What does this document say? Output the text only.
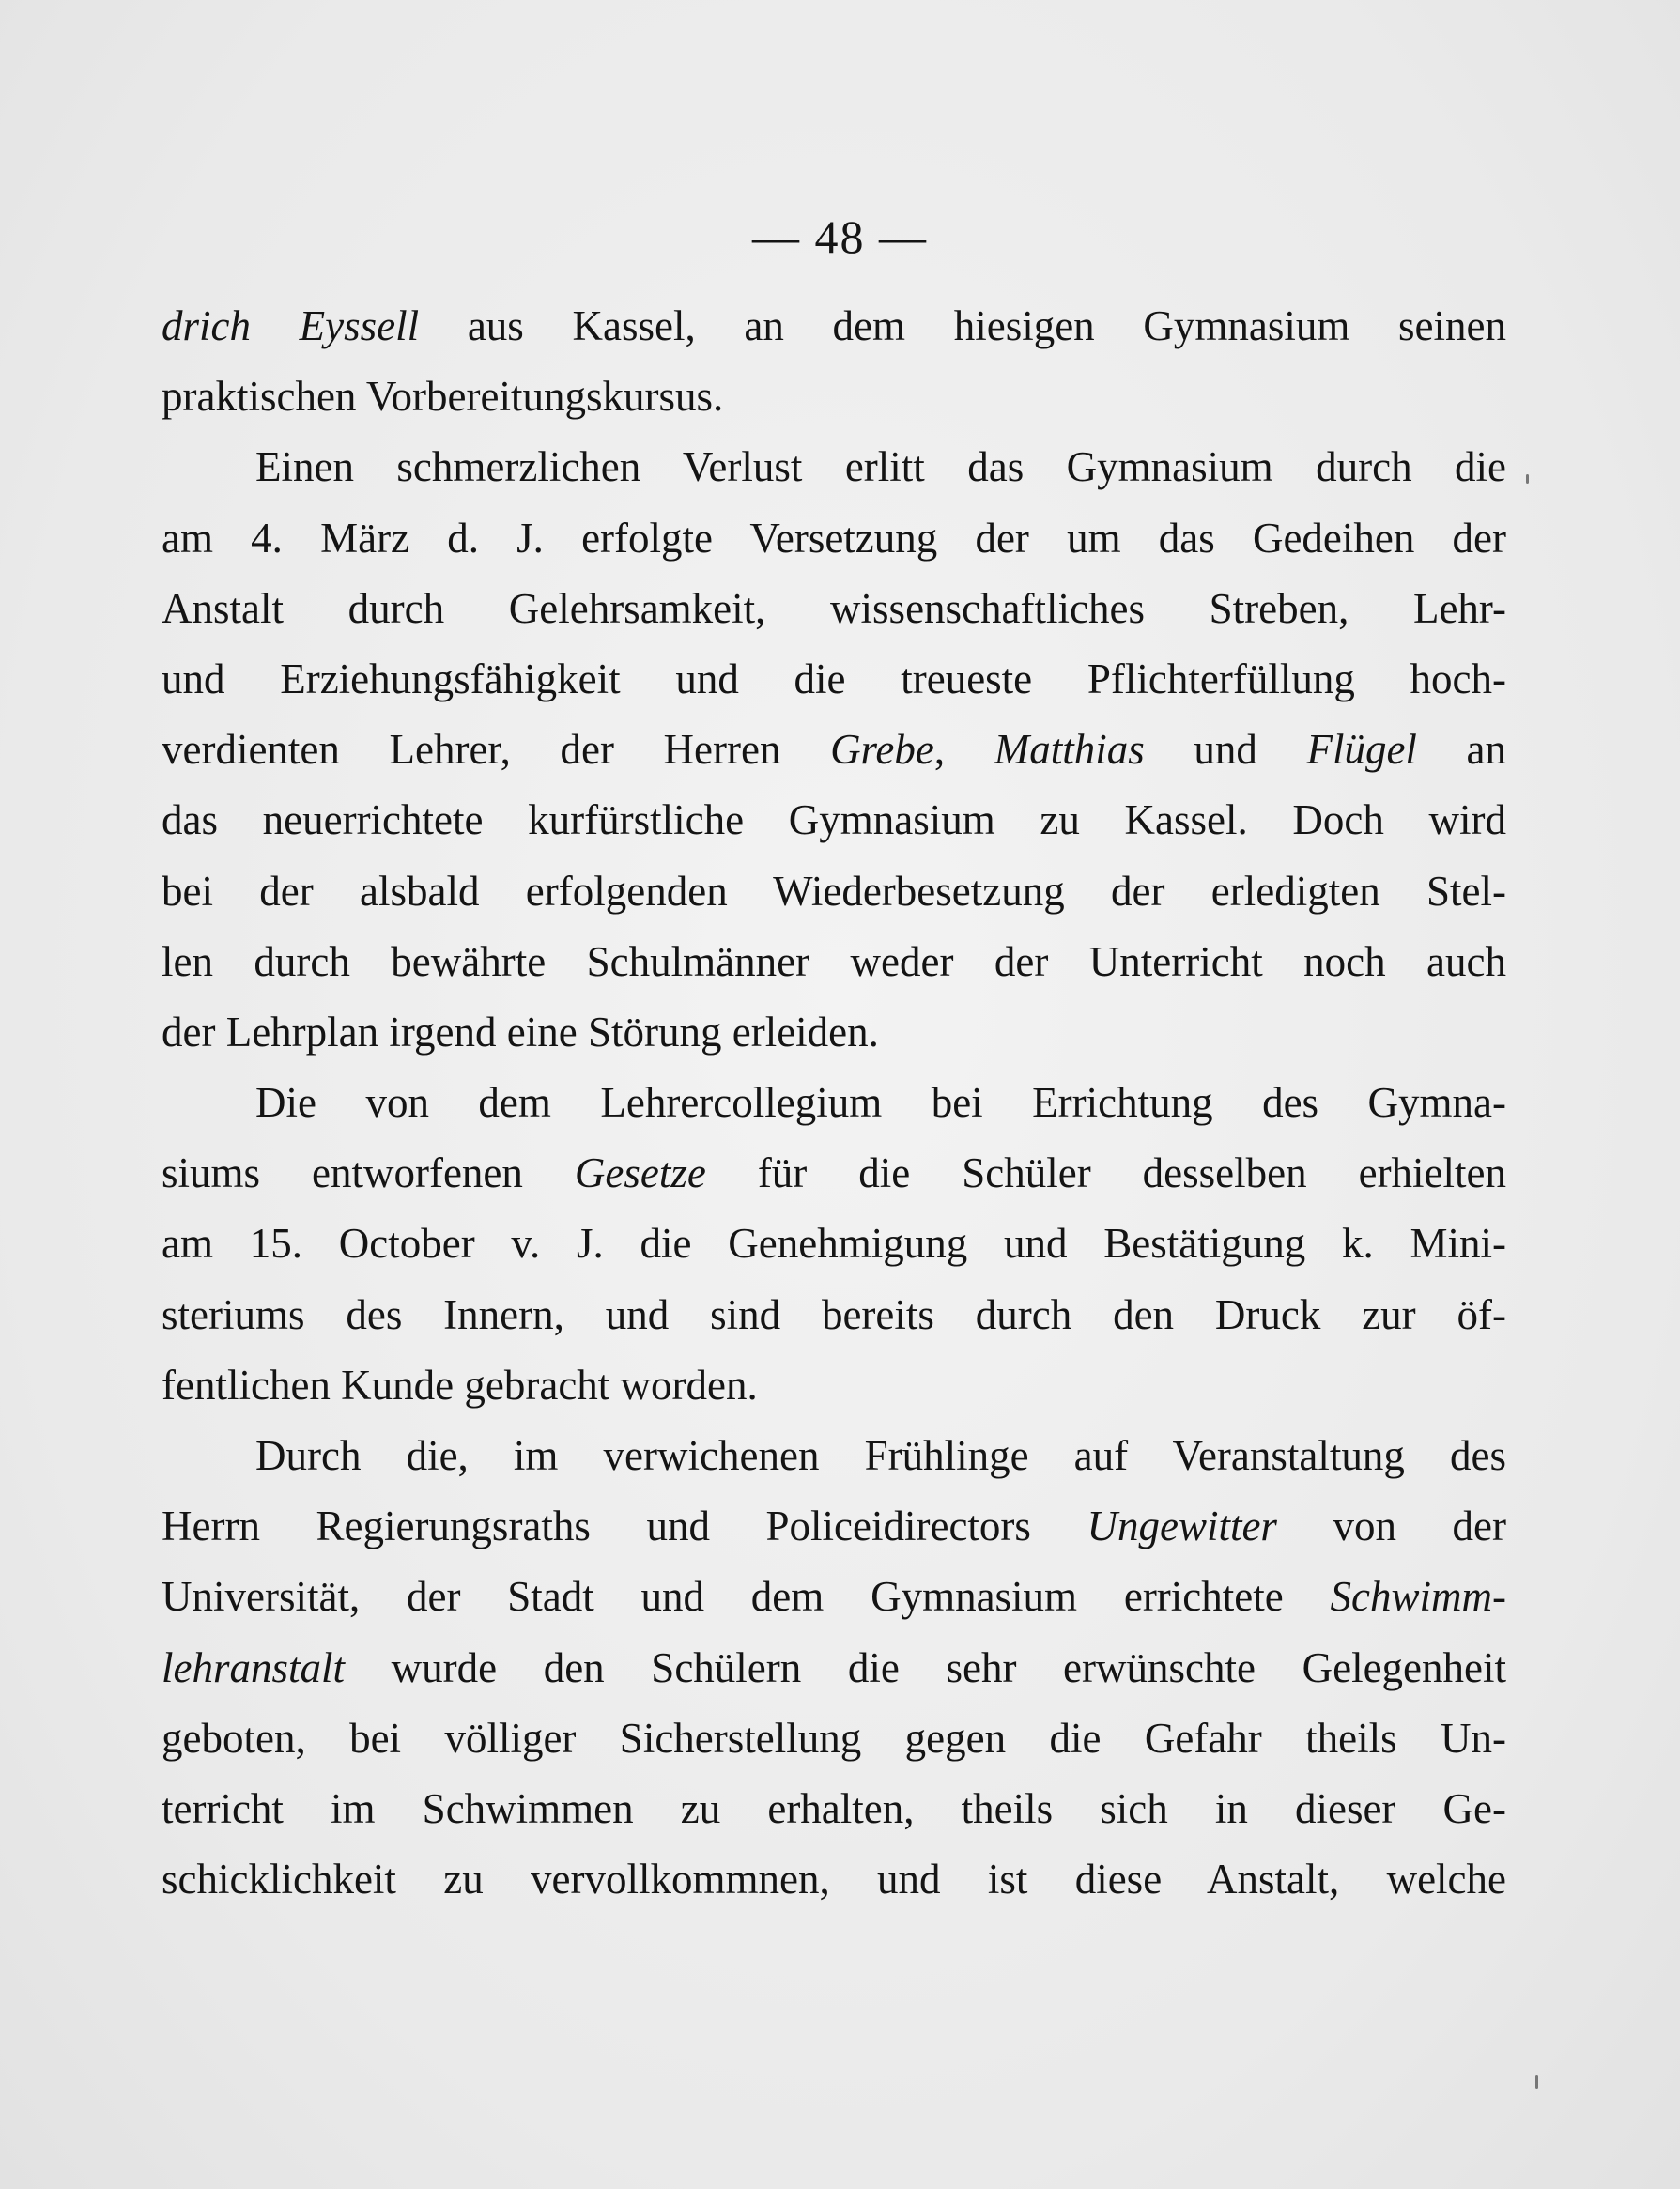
— 48 —
drich Eyssell aus Kassel, an dem hiesigen Gymnasium seinen
praktischen Vorbereitungskursus.
Einen schmerzlichen Verlust erlitt das Gymnasium durch die
am 4. März d. J. erfolgte Versetzung der um das Gedeihen der
Anstalt durch Gelehrsamkeit, wissenschaftliches Streben, Lehr-
und Erziehungsfähigkeit und die treueste Pflichterfüllung hoch-
verdienten Lehrer, der Herren Grebe, Matthias und Flügel an
das neuerrichtete kurfürstliche Gymnasium zu Kassel. Doch wird
bei der alsbald erfolgenden Wiederbesetzung der erledigten Stel-
len durch bewährte Schulmänner weder der Unterricht noch auch
der Lehrplan irgend eine Störung erleiden.
Die von dem Lehrercollegium bei Errichtung des Gymna-
siums entworfenen Gesetze für die Schüler desselben erhielten
am 15. October v. J. die Genehmigung und Bestätigung k. Mini-
steriums des Innern, und sind bereits durch den Druck zur öf-
fentlichen Kunde gebracht worden.
Durch die, im verwichenen Frühlinge auf Veranstaltung des
Herrn Regierungsraths und Policeidirectors Ungewitter von der
Universität, der Stadt und dem Gymnasium errichtete Schwimm-
lehranstalt wurde den Schülern die sehr erwünschte Gelegenheit
geboten, bei völliger Sicherstellung gegen die Gefahr theils Un-
terricht im Schwimmen zu erhalten, theils sich in dieser Ge-
schicklichkeit zu vervollkommnen, und ist diese Anstalt, welche
